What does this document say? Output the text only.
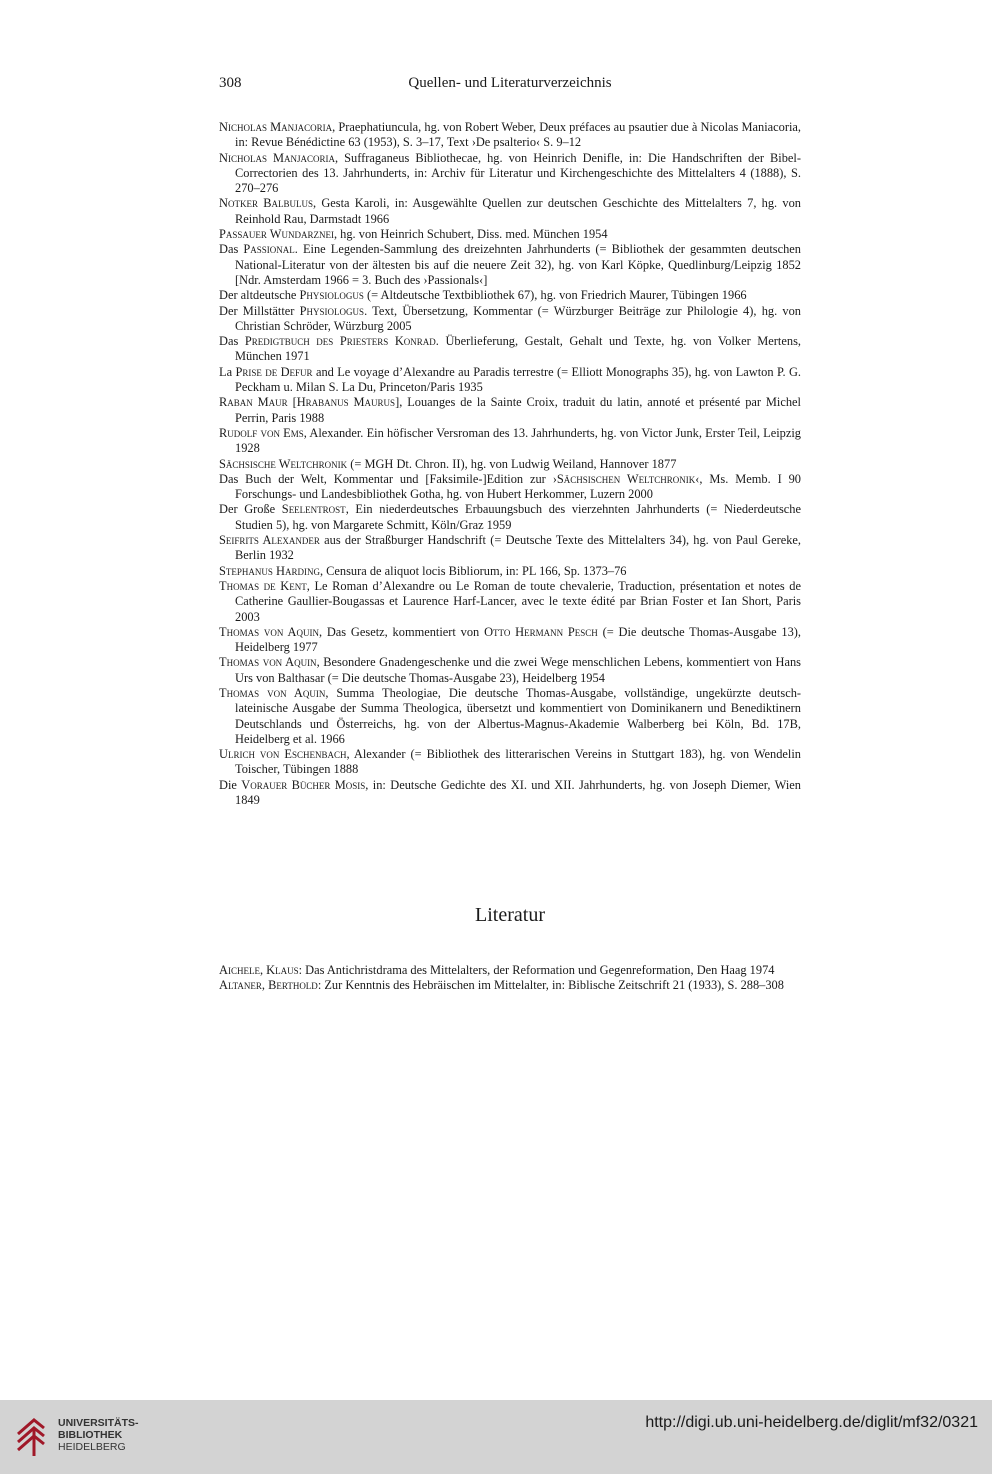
308	Quellen- und Literaturverzeichnis
Nicholas Manjacoria, Praephatiuncula, hg. von Robert Weber, Deux préfaces au psautier due à Nicolas Maniacoria, in: Revue Bénédictine 63 (1953), S. 3–17, Text ›De psalterio‹ S. 9–12
Nicholas Manjacoria, Suffraganeus Bibliothecae, hg. von Heinrich Denifle, in: Die Handschriften der Bibel-Correctorien des 13. Jahrhunderts, in: Archiv für Literatur und Kirchengeschichte des Mittelalters 4 (1888), S. 270–276
Notker Balbulus, Gesta Karoli, in: Ausgewählte Quellen zur deutschen Geschichte des Mittelalters 7, hg. von Reinhold Rau, Darmstadt 1966
Passauer Wundarznei, hg. von Heinrich Schubert, Diss. med. München 1954
Das Passional. Eine Legenden-Sammlung des dreizehnten Jahrhunderts (= Bibliothek der gesammten deutschen National-Literatur von der ältesten bis auf die neuere Zeit 32), hg. von Karl Köpke, Quedlinburg/Leipzig 1852 [Ndr. Amsterdam 1966 = 3. Buch des ›Passionals‹]
Der altdeutsche Physiologus (= Altdeutsche Textbibliothek 67), hg. von Friedrich Maurer, Tübingen 1966
Der Millstätter Physiologus. Text, Übersetzung, Kommentar (= Würzburger Beiträge zur Philologie 4), hg. von Christian Schröder, Würzburg 2005
Das Predigtbuch des Priesters Konrad. Überlieferung, Gestalt, Gehalt und Texte, hg. von Volker Mertens, München 1971
La Prise de Defur and Le voyage d’Alexandre au Paradis terrestre (= Elliott Monographs 35), hg. von Lawton P. G. Peckham u. Milan S. La Du, Princeton/Paris 1935
Raban Maur [Hrabanus Maurus], Louanges de la Sainte Croix, traduit du latin, annoté et présenté par Michel Perrin, Paris 1988
Rudolf von Ems, Alexander. Ein höfischer Versroman des 13. Jahrhunderts, hg. von Victor Junk, Erster Teil, Leipzig 1928
Sächsische Weltchronik (= MGH Dt. Chron. II), hg. von Ludwig Weiland, Hannover 1877
Das Buch der Welt, Kommentar und [Faksimile-]Edition zur ›Sächsischen Weltchronik‹, Ms. Memb. I 90 Forschungs- und Landesbibliothek Gotha, hg. von Hubert Herkommer, Luzern 2000
Der Große Seelentrost, Ein niederdeutsches Erbauungsbuch des vierzehnten Jahrhunderts (= Niederdeutsche Studien 5), hg. von Margarete Schmitt, Köln/Graz 1959
Seifrits Alexander aus der Straßburger Handschrift (= Deutsche Texte des Mittelalters 34), hg. von Paul Gereke, Berlin 1932
Stephanus Harding, Censura de aliquot locis Bibliorum, in: PL 166, Sp. 1373–76
Thomas de Kent, Le Roman d’Alexandre ou Le Roman de toute chevalerie, Traduction, présentation et notes de Catherine Gaullier-Bougassas et Laurence Harf-Lancer, avec le texte édité par Brian Foster et Ian Short, Paris 2003
Thomas von Aquin, Das Gesetz, kommentiert von Otto Hermann Pesch (= Die deutsche Thomas-Ausgabe 13), Heidelberg 1977
Thomas von Aquin, Besondere Gnadengeschenke und die zwei Wege menschlichen Lebens, kommentiert von Hans Urs von Balthasar (= Die deutsche Thomas-Ausgabe 23), Heidelberg 1954
Thomas von Aquin, Summa Theologiae, Die deutsche Thomas-Ausgabe, vollständige, ungekürzte deutsch-lateinische Ausgabe der Summa Theologica, übersetzt und kommentiert von Dominikanern und Benediktinern Deutschlands und Österreichs, hg. von der Albertus-Magnus-Akademie Walberberg bei Köln, Bd. 17B, Heidelberg et al. 1966
Ulrich von Eschenbach, Alexander (= Bibliothek des litterarischen Vereins in Stuttgart 183), hg. von Wendelin Toischer, Tübingen 1888
Die Vorauer Bücher Mosis, in: Deutsche Gedichte des XI. und XII. Jahrhunderts, hg. von Joseph Diemer, Wien 1849
Literatur
Aichele, Klaus: Das Antichristdrama des Mittelalters, der Reformation und Gegenreformation, Den Haag 1974
Altaner, Berthold: Zur Kenntnis des Hebräischen im Mittelalter, in: Biblische Zeitschrift 21 (1933), S. 288–308
UNIVERSITÄTS-
BIBLIOTHEK
HEIDELBERG
http://digi.ub.uni-heidelberg.de/diglit/mf32/0321
